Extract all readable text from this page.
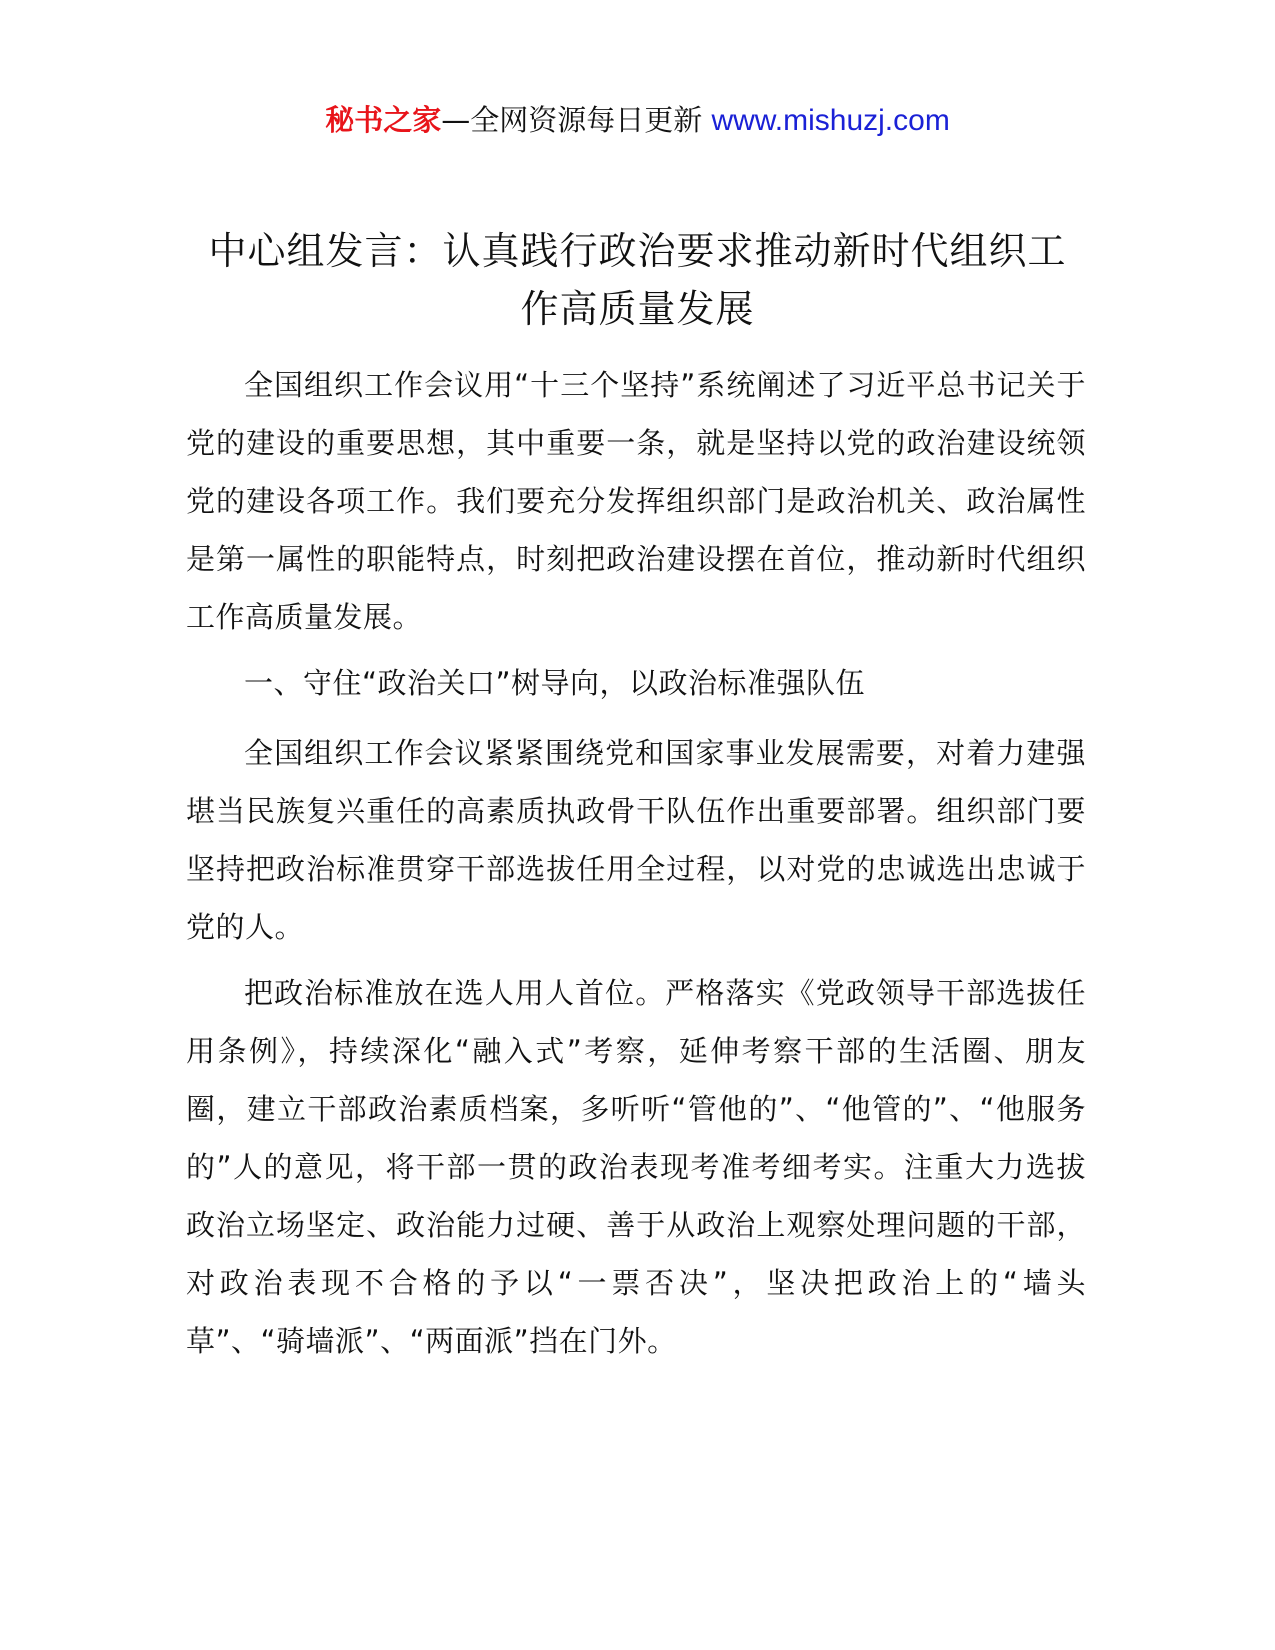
秘书之家—全网资源每日更新 www.mishuzj.com
中心组发言：认真践行政治要求推动新时代组织工作高质量发展

全国组织工作会议用“十三个坚持”系统阐述了习近平总书记关于党的建设的重要思想，其中重要一条，就是坚持以党的政治建设统领党的建设各项工作。我们要充分发挥组织部门是政治机关、政治属性是第一属性的职能特点，时刻把政治建设摆在首位，推动新时代组织工作高质量发展。

一、守住“政治关口”树导向，以政治标准强队伍

全国组织工作会议紧紧围绕党和国家事业发展需要，对着力建强堪当民族复兴重任的高素质执政骨干队伍作出重要部署。组织部门要坚持把政治标准贯穿干部选拔任用全过程，以对党的忠诚选出忠诚于党的人。

把政治标准放在选人用人首位。严格落实《党政领导干部选拔任用条例》，持续深化“融入式”考察，延伸考察干部的生活圈、朋友圈，建立干部政治素质档案，多听听“管他的”、“他管的”、“他服务的”人的意见，将干部一贯的政治表现考准考细考实。注重大力选拔政治立场坚定、政治能力过硬、善于从政治上观察处理问题的干部，对政治表现不合格的予以“一票否决”，坚决把政治上的“墙头草”、“骑墙派”、“两面派”挡在门外。
